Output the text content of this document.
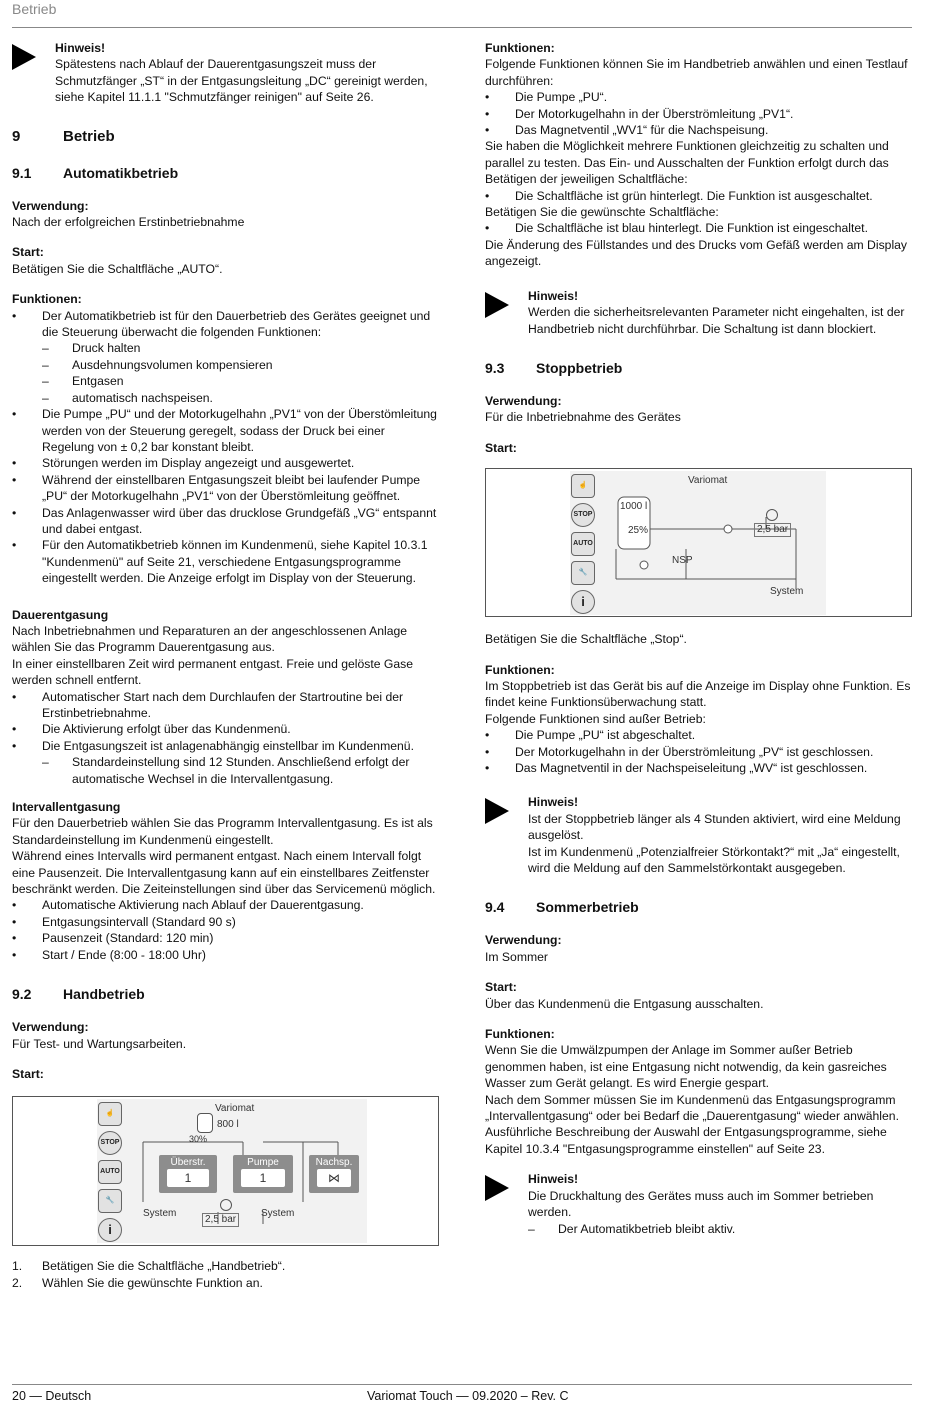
Betrieb
Hinweis!

Spätestens nach Ablauf der Dauerentgasungszeit muss der Schmutzfänger „ST“ in der Entgasungsleitung „DC“ gereinigt werden, siehe Kapitel 11.1.1 "Schmutzfänger reinigen" auf Seite 26.

9	Betrieb
9.1	Automatikbetrieb
Verwendung:

Nach der erfolgreichen Erstinbetriebnahme

Start:

Betätigen Sie die Schaltfläche „AUTO“.

Funktionen:
• Der Automatikbetrieb ist für den Dauerbetrieb des Gerätes geeignet und die Steuerung überwacht die folgenden Funktionen:
– Druck halten
– Ausdehnungsvolumen kompensieren
– Entgasen
– automatisch nachspeisen.
• Die Pumpe „PU“ und der Motorkugelhahn „PV1“ von der Überstömleitung werden von der Steuerung geregelt, sodass der Druck bei einer Regelung von ± 0,2 bar konstant bleibt.
• Störungen werden im Display angezeigt und ausgewertet.
• Während der einstellbaren Entgasungszeit bleibt bei laufender Pumpe „PU“ der Motorkugelhahn „PV1“ von der Überstömleitung geöffnet.
• Das Anlagenwasser wird über das drucklose Grundgefäß „VG“ entspannt und dabei entgast.
• Für den Automatikbetrieb können im Kundenmenü, siehe Kapitel 10.3.1 "Kundenmenü" auf Seite 21, verschiedene Entgasungsprogramme eingestellt werden. Die Anzeige erfolgt im Display von der Steuerung.
Dauerentgasung

Nach Inbetriebnahmen und Reparaturen an der angeschlossenen Anlage wählen Sie das Programm Dauerentgasung aus.

In einer einstellbaren Zeit wird permanent entgast. Freie und gelöste Gase werden schnell entfernt.

• Automatischer Start nach dem Durchlaufen der Startroutine bei der Erstinbetriebnahme.
• Die Aktivierung erfolgt über das Kundenmenü.
• Die Entgasungszeit ist anlagenabhängig einstellbar im Kundenmenü.
– Standardeinstellung sind 12 Stunden. Anschließend erfolgt der automatische Wechsel in die Intervallentgasung.
Intervallentgasung

Für den Dauerbetrieb wählen Sie das Programm Intervallentgasung. Es ist als Standardeinstellung im Kundenmenü eingestellt.

Während eines Intervalls wird permanent entgast. Nach einem Intervall folgt eine Pausenzeit. Die Intervallentgasung kann auf ein einstellbares Zeitfenster beschränkt werden. Die Zeiteinstellungen sind über das Servicemenü möglich.

• Automatische Aktivierung nach Ablauf der Dauerentgasung.
• Entgasungsintervall (Standard 90 s)
• Pausenzeit (Standard: 120 min)
• Start / Ende (8:00 - 18:00 Uhr)
9.2	Handbetrieb
Verwendung:

Für Test- und Wartungsarbeiten.

Start:
☝
STOP
AUTO
🔧
i
Variomat
800 l
30%
Überstr.
1
Pumpe
1
Nachsp.
⋈
System
2,5 bar
System
1. Betätigen Sie die Schaltfläche „Handbetrieb“.
2. Wählen Sie die gewünschte Funktion an.
Funktionen:

Folgende Funktionen können Sie im Handbetrieb anwählen und einen Testlauf durchführen:

• Die Pumpe „PU“.
• Der Motorkugelhahn in der Überströmleitung „PV1“.
• Das Magnetventil „WV1“ für die Nachspeisung.

Sie haben die Möglichkeit mehrere Funktionen gleichzeitig zu schalten und parallel zu testen. Das Ein- und Ausschalten der Funktion erfolgt durch das Betätigen der jeweiligen Schaltfläche:

• Die Schaltfläche ist grün hinterlegt. Die Funktion ist ausgeschaltet.

Betätigen Sie die gewünschte Schaltfläche:

• Die Schaltfläche ist blau hinterlegt. Die Funktion ist eingeschaltet.

Die Änderung des Füllstandes und des Drucks vom Gefäß werden am Display angezeigt.

Hinweis!

Werden die sicherheitsrelevanten Parameter nicht eingehalten, ist der Handbetrieb nicht durchführbar. Die Schaltung ist dann blockiert.

9.3	Stoppbetrieb
Verwendung:

Für die Inbetriebnahme des Gerätes

Start:
☝
STOP
AUTO
🔧
i
Variomat
1000 l
25%	2,5 bar
NSP
System

Betätigen Sie die Schaltfläche „Stop“.

Funktionen:

Im Stoppbetrieb ist das Gerät bis auf die Anzeige im Display ohne Funktion. Es findet keine Funktionsüberwachung statt.

Folgende Funktionen sind außer Betrieb:

• Die Pumpe „PU“ ist abgeschaltet.
• Der Motorkugelhahn in der Überströmleitung „PV“ ist geschlossen.
• Das Magnetventil in der Nachspeiseleitung „WV“ ist geschlossen.
Hinweis!

Ist der Stoppbetrieb länger als 4 Stunden aktiviert, wird eine Meldung ausgelöst.

Ist im Kundenmenü „Potenzialfreier Störkontakt?“ mit „Ja“ eingestellt, wird die Meldung auf den Sammelstörkontakt ausgegeben.

9.4	Sommerbetrieb
Verwendung:

Im Sommer

Start:

Über das Kundenmenü die Entgasung ausschalten.

Funktionen:

Wenn Sie die Umwälzpumpen der Anlage im Sommer außer Betrieb genommen haben, ist eine Entgasung nicht notwendig, da kein gasreiches Wasser zum Gerät gelangt. Es wird Energie gespart.

Nach dem Sommer müssen Sie im Kundenmenü das Entgasungsprogramm „Intervallentgasung“ oder bei Bedarf die „Dauerentgasung“ wieder anwählen.

Ausführliche Beschreibung der Auswahl der Entgasungsprogramme, siehe Kapitel 10.3.4 "Entgasungsprogramme einstellen" auf Seite 23.

Hinweis!

Die Druckhaltung des Gerätes muss auch im Sommer betrieben werden.

– Der Automatikbetrieb bleibt aktiv.
20 — Deutsch	Variomat Touch — 09.2020 – Rev. C
